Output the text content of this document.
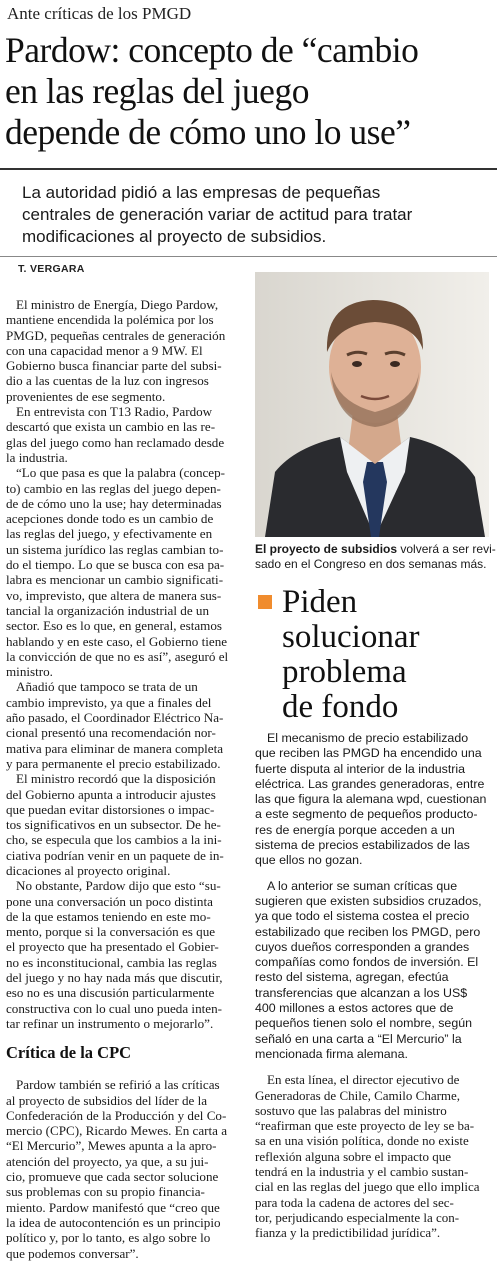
Ante críticas de los PMGD
Pardow: concepto de “cambio
en las reglas del juego
depende de cómo uno lo use”
La autoridad pidió a las empresas de pequeñas
centrales de generación variar de actitud para tratar
modificaciones al proyecto de subsidios.
T. VERGARA
El ministro de Energía, Diego Pardow,
mantiene encendida la polémica por los
PMGD, pequeñas centrales de generación
con una capacidad menor a 9 MW. El
Gobierno busca financiar parte del subsi-
dio a las cuentas de la luz con ingresos
provenientes de ese segmento.
En entrevista con T13 Radio, Pardow
descartó que exista un cambio en las re-
glas del juego como han reclamado desde
la industria.
“Lo que pasa es que la palabra (concep-
to) cambio en las reglas del juego depen-
de de cómo uno la use; hay determinadas
acepciones donde todo es un cambio de
las reglas del juego, y efectivamente en
un sistema jurídico las reglas cambian to-
do el tiempo. Lo que se busca con esa pa-
labra es mencionar un cambio significati-
vo, imprevisto, que altera de manera sus-
tancial la organización industrial de un
sector. Eso es lo que, en general, estamos
hablando y en este caso, el Gobierno tiene
la convicción de que no es así”, aseguró el
ministro.
Añadió que tampoco se trata de un
cambio imprevisto, ya que a finales del
año pasado, el Coordinador Eléctrico Na-
cional presentó una recomendación nor-
mativa para eliminar de manera completa
y para permanente el precio estabilizado.
El ministro recordó que la disposición
del Gobierno apunta a introducir ajustes
que puedan evitar distorsiones o impac-
tos significativos en un subsector. De he-
cho, se especula que los cambios a la ini-
ciativa podrían venir en un paquete de in-
dicaciones al proyecto original.
No obstante, Pardow dijo que esto “su-
pone una conversación un poco distinta
de la que estamos teniendo en este mo-
mento, porque si la conversación es que
el proyecto que ha presentado el Gobier-
no es inconstitucional, cambia las reglas
del juego y no hay nada más que discutir,
eso no es una discusión particularmente
constructiva con lo cual uno pueda inten-
tar refinar un instrumento o mejorarlo”.
Crítica de la CPC
Pardow también se refirió a las críticas
al proyecto de subsidios del líder de la
Confederación de la Producción y del Co-
mercio (CPC), Ricardo Mewes. En carta a
“El Mercurio”, Mewes apunta a la apro-
atención del proyecto, ya que, a su jui-
cio, promueve que cada sector solucione
sus problemas con su propio financia-
miento. Pardow manifestó que “creo que
la idea de autocontención es un principio
político y, por lo tanto, es algo sobre lo
que podemos conversar”.
El proyecto de subsidios volverá a ser revi-
sado en el Congreso en dos semanas más.
Piden
solucionar
problema
de fondo
El mecanismo de precio estabilizado
que reciben las PMGD ha encendido una
fuerte disputa al interior de la industria
eléctrica. Las grandes generadoras, entre
las que figura la alemana wpd, cuestionan
a este segmento de pequeños producto-
res de energía porque acceden a un
sistema de precios estabilizados de las
que ellos no gozan.
A lo anterior se suman críticas que
sugieren que existen subsidios cruzados,
ya que todo el sistema costea el precio
estabilizado que reciben los PMGD, pero
cuyos dueños corresponden a grandes
compañías como fondos de inversión. El
resto del sistema, agregan, efectúa
transferencias que alcanzan a los US$
400 millones a estos actores que de
pequeños tienen solo el nombre, según
señaló en una carta a “El Mercurio” la
mencionada firma alemana.
En esta línea, el director ejecutivo de
Generadoras de Chile, Camilo Charme,
sostuvo que las palabras del ministro
“reafirman que este proyecto de ley se ba-
sa en una visión política, donde no existe
reflexión alguna sobre el impacto que
tendrá en la industria y el cambio sustan-
cial en las reglas del juego que ello implica
para toda la cadena de actores del sec-
tor, perjudicando especialmente la con-
fianza y la predictibilidad jurídica”.
